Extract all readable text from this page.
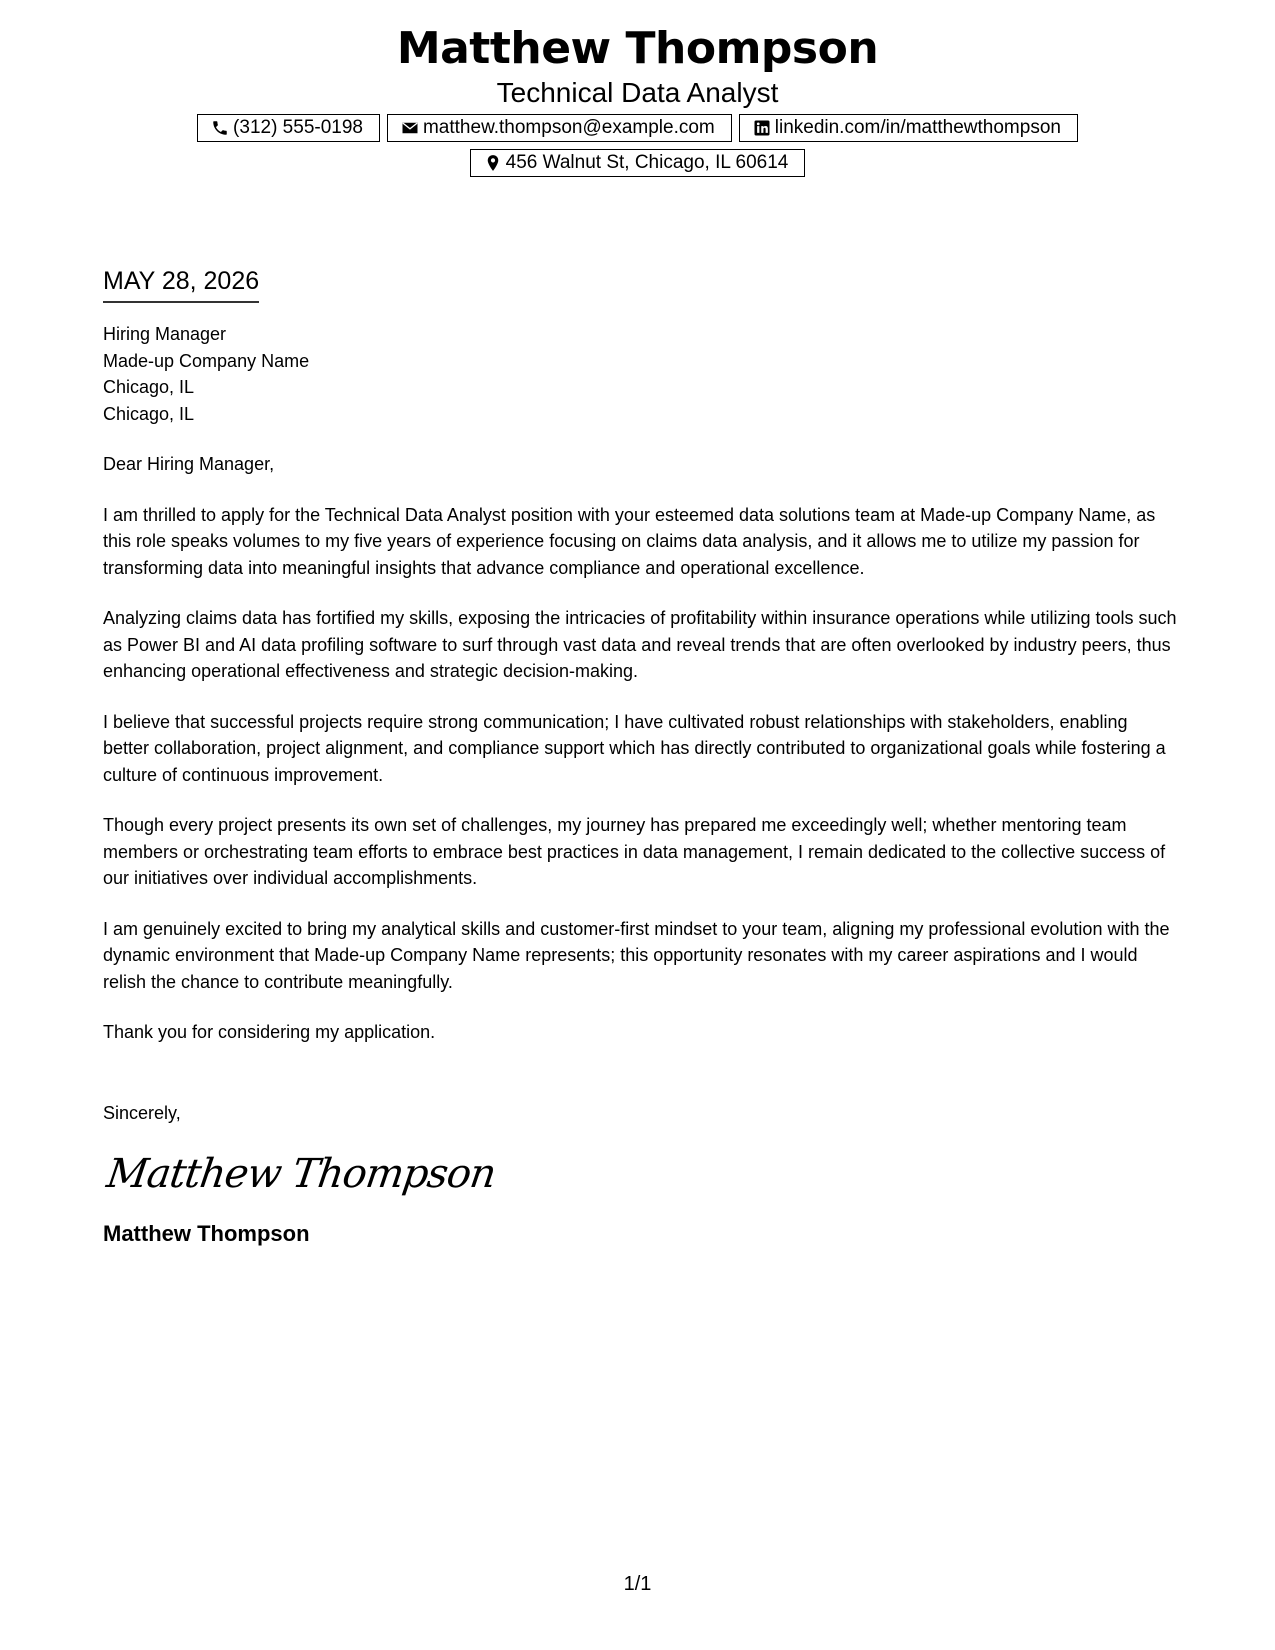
Matthew Thompson
Technical Data Analyst
(312) 555-0198	matthew.thompson@example.com	linkedin.com/in/matthewthompson
456 Walnut St, Chicago, IL 60614
MAY 28, 2026
Hiring Manager
Made-up Company Name
Chicago, IL
Chicago, IL

Dear Hiring Manager,

I am thrilled to apply for the Technical Data Analyst position with your esteemed data solutions team at Made-up Company Name, as this role speaks volumes to my five years of experience focusing on claims data analysis, and it allows me to utilize my passion for transforming data into meaningful insights that advance compliance and operational excellence.

Analyzing claims data has fortified my skills, exposing the intricacies of profitability within insurance operations while utilizing tools such as Power BI and AI data profiling software to surf through vast data and reveal trends that are often overlooked by industry peers, thus enhancing operational effectiveness and strategic decision-making.

I believe that successful projects require strong communication; I have cultivated robust relationships with stakeholders, enabling better collaboration, project alignment, and compliance support which has directly contributed to organizational goals while fostering a culture of continuous improvement.

Though every project presents its own set of challenges, my journey has prepared me exceedingly well; whether mentoring team members or orchestrating team efforts to embrace best practices in data management, I remain dedicated to the collective success of our initiatives over individual accomplishments.

I am genuinely excited to bring my analytical skills and customer-first mindset to your team, aligning my professional evolution with the dynamic environment that Made-up Company Name represents; this opportunity resonates with my career aspirations and I would relish the chance to contribute meaningfully.

Thank you for considering my application.

Sincerely,
Matthew Thompson
Matthew Thompson
1/1
